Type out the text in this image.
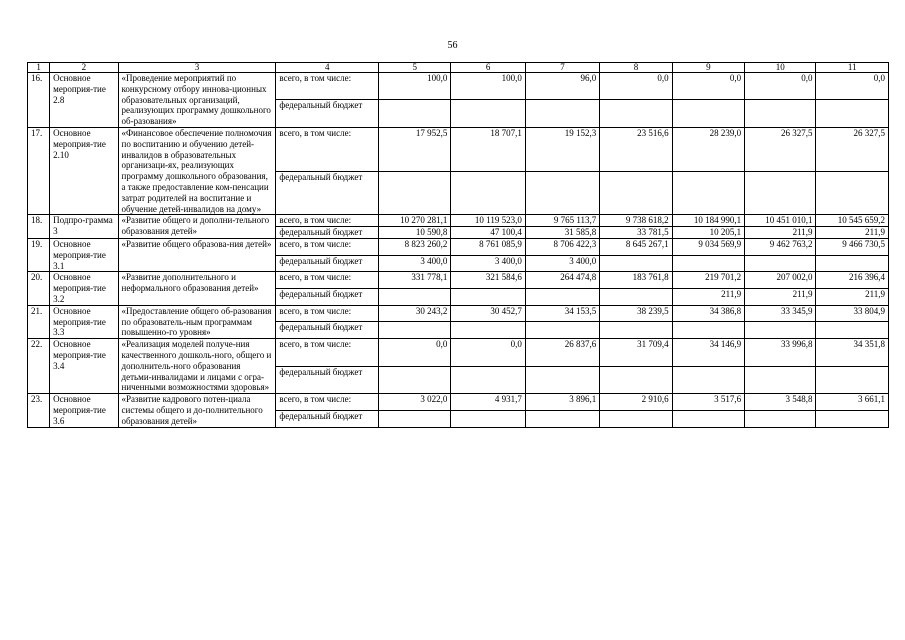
56
1	2	3	4	5	6	7	8	9	10	11
16.	Основное мероприя-тие 2.8	«Проведение мероприятий по конкурсному отбору иннова-ционных образовательных организаций, реализующих программу дошкольного об-разования»	всего, в том числе:	100,0	100,0	96,0	0,0	0,0	0,0	0,0
			федеральный бюджет							
17.	Основное мероприя-тие 2.10	«Финансовое обеспечение полномочия по воспитанию и обучению детей-инвалидов в образовательных организаци-ях, реализующих программу дошкольного образования, а также предоставление ком-пенсации затрат родителей на воспитание и обучение детей-инвалидов на дому»	всего, в том числе:	17 952,5	18 707,1	19 152,3	23 516,6	28 239,0	26 327,5	26 327,5
			федеральный бюджет							
18.	Подпро-грамма 3	«Развитие общего и дополни-тельного образования детей»	всего, в том числе:	10 270 281,1	10 119 523,0	9 765 113,7	9 738 618,2	10 184 990,1	10 451 010,1	10 545 659,2
			федеральный бюджет	10 590,8	47 100,4	31 585,8	33 781,5	10 205,1	211,9	211,9
19.	Основное мероприя-тие 3.1	«Развитие общего образова-ния детей»	всего, в том числе:	8 823 260,2	8 761 085,9	8 706 422,3	8 645 267,1	9 034 569,9	9 462 763,2	9 466 730,5
			федеральный бюджет	3 400,0	3 400,0	3 400,0				
20.	Основное мероприя-тие 3.2	«Развитие дополнительного и неформального образования детей»	всего, в том числе:	331 778,1	321 584,6	264 474,8	183 761,8	219 701,2	207 002,0	216 396,4
			федеральный бюджет					211,9	211,9	211,9
21.	Основное мероприя-тие 3.3	«Предоставление общего об-разования по образователь-ным программам повышенно-го уровня»	всего, в том числе:	30 243,2	30 452,7	34 153,5	38 239,5	34 386,8	33 345,9	33 804,9
			федеральный бюджет							
22.	Основное мероприя-тие 3.4	«Реализация моделей получе-ния качественного дошколь-ного, общего и дополнитель-ного образования детьми-инвалидами и лицами с огра-ниченными возможностями здоровья»	всего, в том числе:	0,0	0,0	26 837,6	31 709,4	34 146,9	33 996,8	34 351,8
			федеральный бюджет							
23.	Основное мероприя-тие 3.6	«Развитие кадрового потен-циала системы общего и до-полнительного образования детей»	всего, в том числе:	3 022,0	4 931,7	3 896,1	2 910,6	3 517,6	3 548,8	3 661,1
			федеральный бюджет							
